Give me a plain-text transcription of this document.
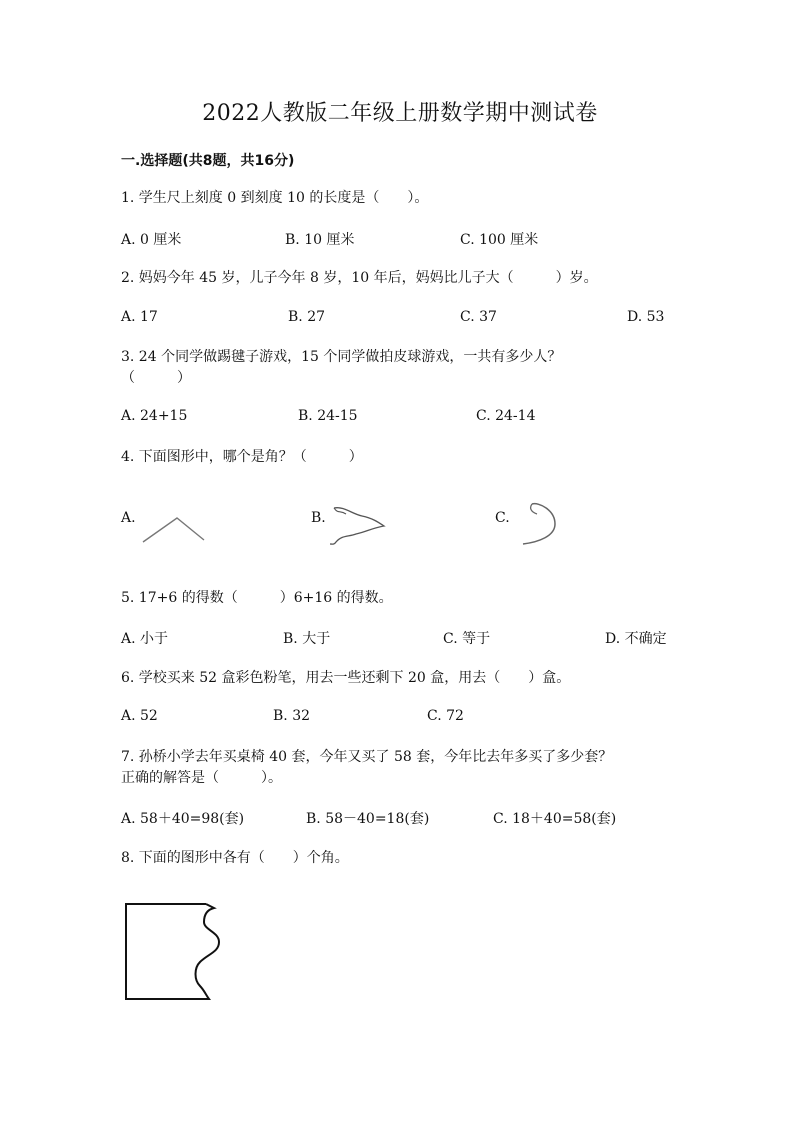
2022人教版二年级上册数学期中测试卷
一.选择题(共8题，共16分)
1. 学生尺上刻度 0 到刻度 10 的长度是（　　）。
A. 0 厘米	B. 10 厘米	C. 100 厘米
2. 妈妈今年 45 岁，儿子今年 8 岁，10 年后，妈妈比儿子大（　　　）岁。
A. 17	B. 27	C. 37	D. 53
3. 24 个同学做踢毽子游戏，15 个同学做拍皮球游戏，一共有多少人？
（　　　）
A. 24+15	B. 24-15	C. 24-14
4. 下面图形中，哪个是角？（　　　）
A.	B.	C.
5. 17+6 的得数（　　　）6+16 的得数。
A. 小于	B. 大于	C. 等于	D. 不确定
6. 学校买来 52 盒彩色粉笔，用去一些还剩下 20 盒，用去（　　）盒。
A. 52	B. 32	C. 72
7. 孙桥小学去年买桌椅 40 套，今年又买了 58 套，今年比去年多买了多少套？
正确的解答是（　　　）。
A. 58＋40=98(套)	B. 58－40=18(套)	C. 18＋40=58(套)
8. 下面的图形中各有（　　）个角。
